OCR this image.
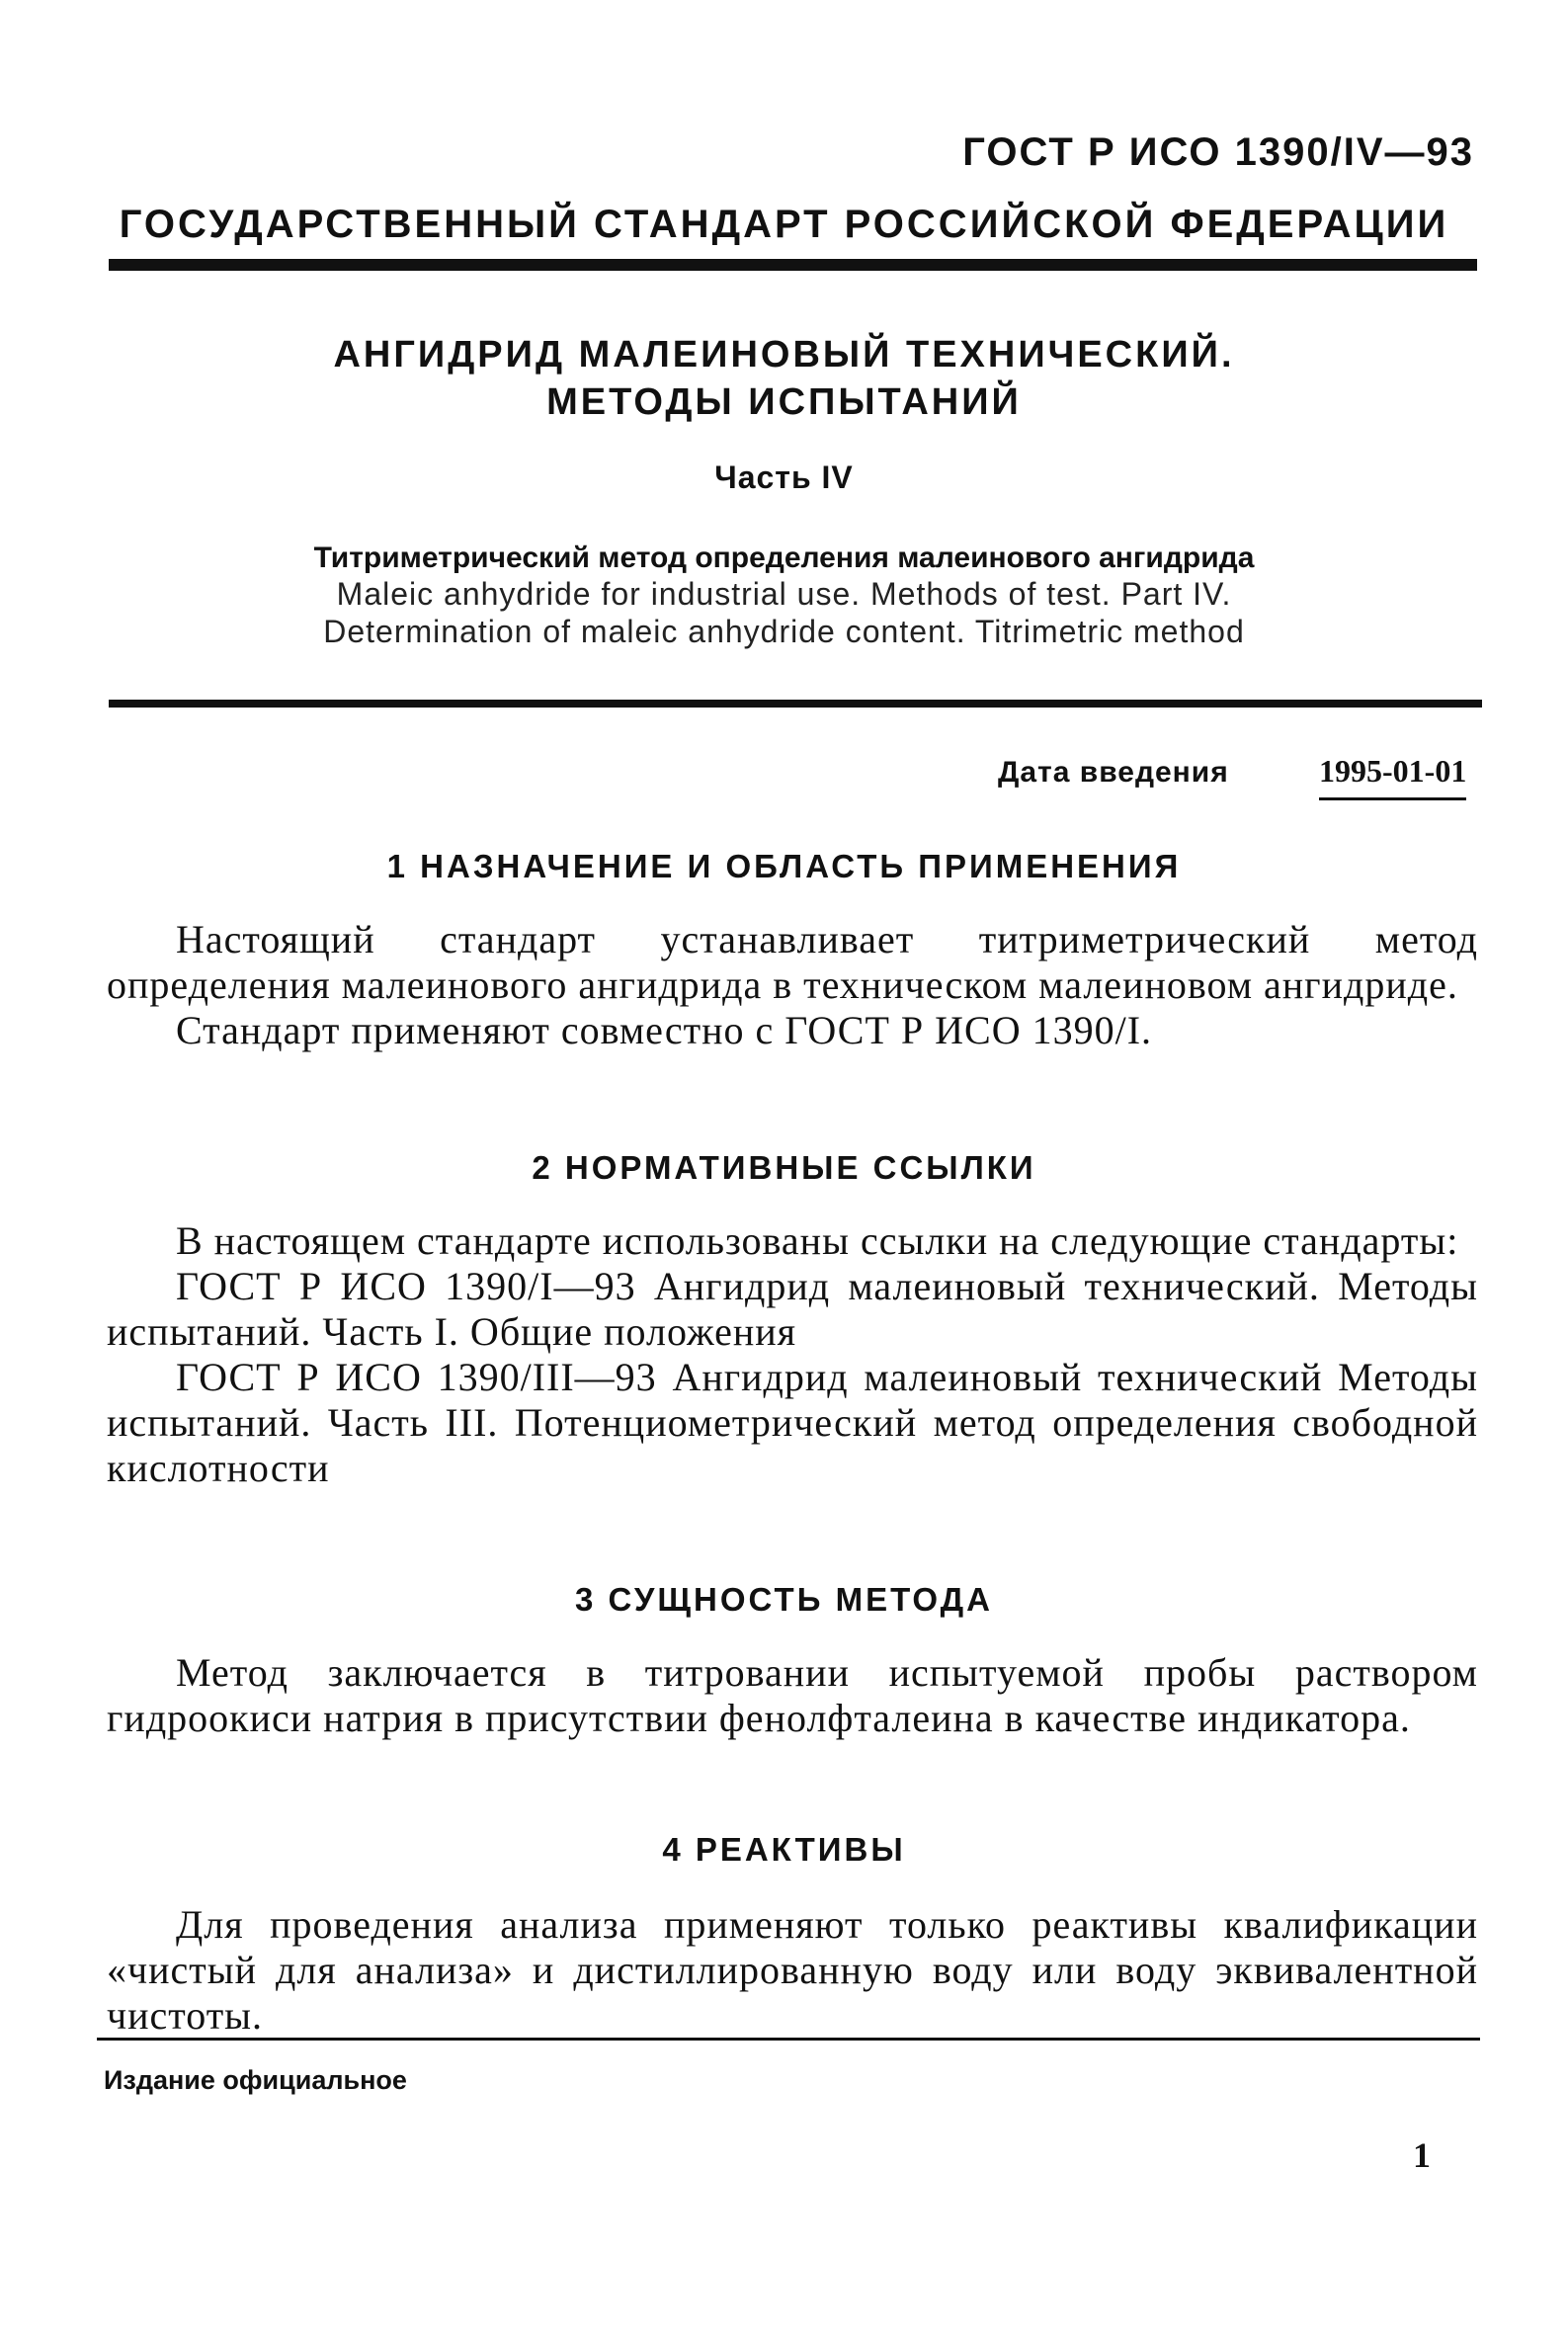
ГОСТ Р ИСО 1390/IV—93
ГОСУДАРСТВЕННЫЙ СТАНДАРТ РОССИЙСКОЙ ФЕДЕРАЦИИ
АНГИДРИД МАЛЕИНОВЫЙ ТЕХНИЧЕСКИЙ.
МЕТОДЫ ИСПЫТАНИЙ
Часть IV
Титриметрический метод определения малеинового ангидрида
Maleic anhydride for industrial use. Methods of test. Part IV.
Determination of maleic anhydride content. Titrimetric method
Дата введения	1995-01-01
1 НАЗНАЧЕНИЕ И ОБЛАСТЬ ПРИМЕНЕНИЯ

Настоящий стандарт устанавливает титриметрический метод определения малеинового ангидрида в техническом малеиновом ангидриде.

Стандарт применяют совместно с ГОСТ Р ИСО 1390/I.

2 НОРМАТИВНЫЕ ССЫЛКИ

В настоящем стандарте использованы ссылки на следующие стандарты:

ГОСТ Р ИСО 1390/I—93 Ангидрид малеиновый технический. Методы испытаний. Часть I. Общие положения

ГОСТ Р ИСО 1390/III—93 Ангидрид малеиновый технический Методы испытаний. Часть III. Потенциометрический метод определения свободной кислотности

3 СУЩНОСТЬ МЕТОДА

Метод заключается в титровании испытуемой пробы раствором гидроокиси натрия в присутствии фенолфталеина в качестве индикатора.

4 РЕАКТИВЫ

Для проведения анализа применяют только реактивы квалификации «чистый для анализа» и дистиллированную воду или воду эквивалентной чистоты.

Издание официальное
1
